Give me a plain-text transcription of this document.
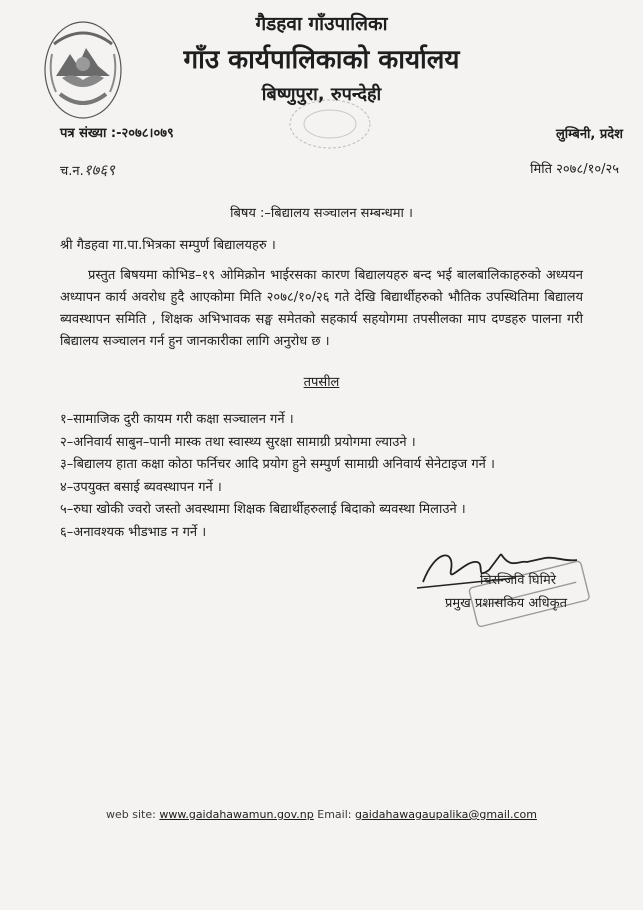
गैडहवा गाँउपालिका
गाँउ कार्यपालिकाको कार्यालय
बिष्णुपुरा, रुपन्देही
पत्र संख्या :-२०७८।०७९	लुम्बिनी, प्रदेश
च.न.१७६९	मिति २०७८/१०/२५
बिषय :–बिद्यालय सञ्चालन सम्बन्धमा ।
श्री गैडहवा गा.पा.भित्रका सम्पुर्ण बिद्यालयहरु ।
प्रस्तुत बिषयमा कोभिड–१९ ओमिक्रोन भाईरसका कारण बिद्यालयहरु बन्द भई बालबालिकाहरुको अध्ययन अध्यापन कार्य अवरोध हुदै आएकोमा मिति २०७८/१०/२६ गते देखि बिद्यार्थीहरुको भौतिक उपस्थितिमा बिद्यालय ब्यवस्थापन समिति , शिक्षक अभिभावक सङ्घ समेतको सहकार्य सहयोगमा तपसीलका माप दण्डहरु पालना गरी बिद्यालय सञ्चालन गर्न हुन जानकारीका लागि अनुरोध छ ।
तपसील
१–सामाजिक दुरी कायम गरी कक्षा सञ्चालन गर्ने ।
२–अनिवार्य साबुन–पानी मास्क तथा स्वास्थ्य सुरक्षा सामाग्री प्रयोगमा ल्याउने ।
३–बिद्यालय हाता कक्षा कोठा फर्निचर आदि प्रयोग हुने सम्पुर्ण सामाग्री अनिवार्य सेनेटाइज गर्ने ।
४–उपयुक्त बसाई ब्यवस्थापन गर्ने ।
५–रुघा खोकी ज्वरो जस्तो अवस्थामा शिक्षक बिद्यार्थीहरुलाई बिदाको ब्यवस्था मिलाउने ।
६–अनावश्यक भीडभाड न गर्ने ।
चिरन्जिवि घिमिरे
प्रमुख प्रशासकिय अधिकृत
web site: www.gaidahawamun.gov.np Email: gaidahawagaupalika@gmail.com
